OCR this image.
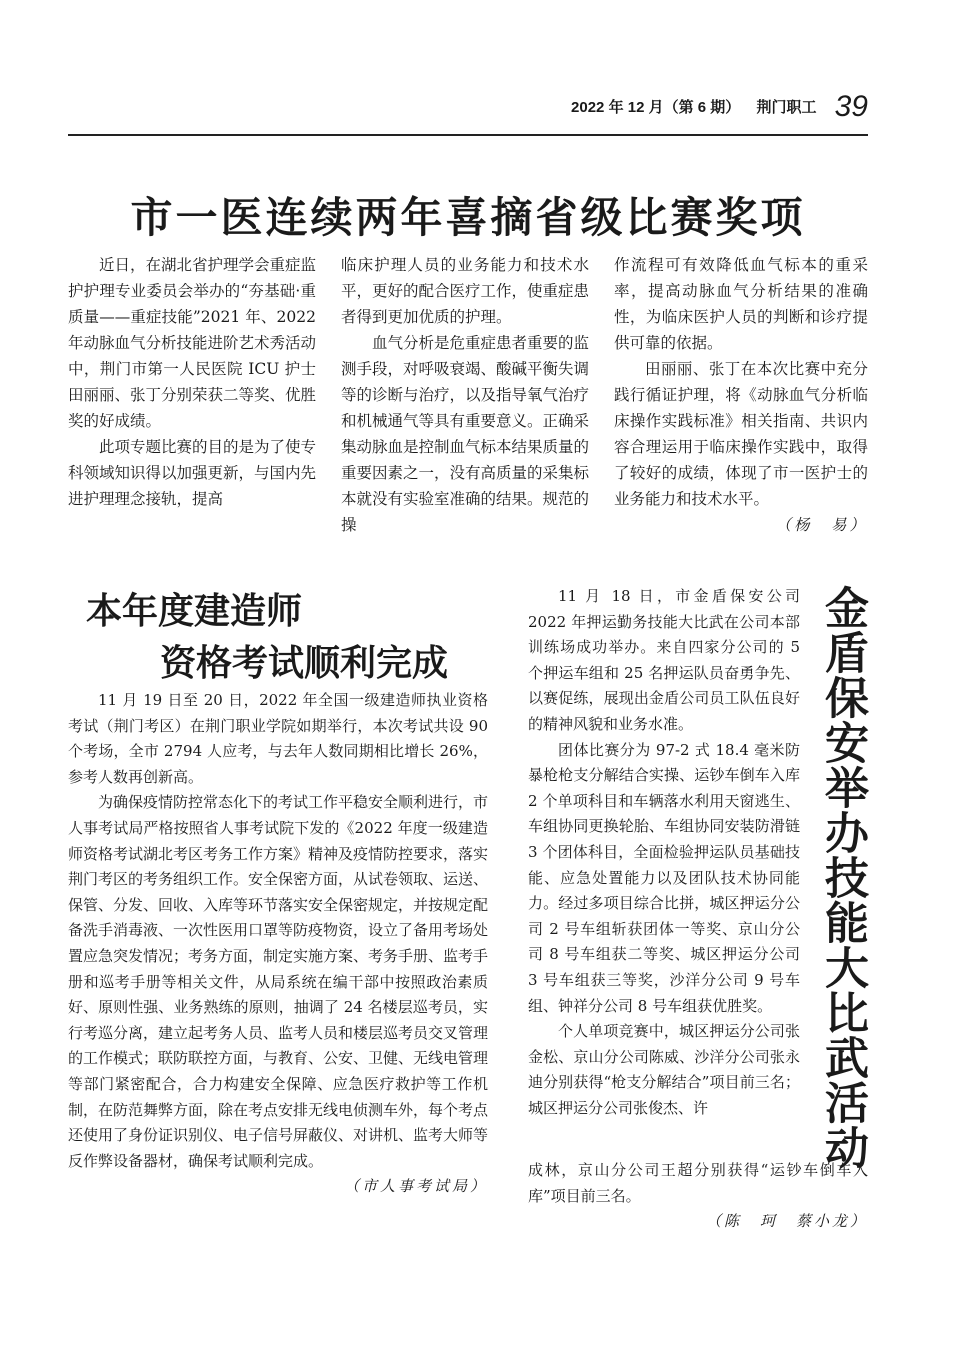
2022 年 12 月（第 6 期） 荆门职工 39
市一医连续两年喜摘省级比赛奖项

近日，在湖北省护理学会重症监护护理专业委员会举办的“夯基础·重质量——重症技能”2021 年、2022 年动脉血气分析技能进阶艺术秀活动中，荆门市第一人民医院 ICU 护士田丽丽、张丁分别荣获二等奖、优胜奖的好成绩。

此项专题比赛的目的是为了使专科领域知识得以加强更新，与国内先进护理理念接轨，提高

临床护理人员的业务能力和技术水平，更好的配合医疗工作，使重症患者得到更加优质的护理。

血气分析是危重症患者重要的监测手段，对呼吸衰竭、酸碱平衡失调等的诊断与治疗，以及指导氧气治疗和机械通气等具有重要意义。正确采集动脉血是控制血气标本结果质量的重要因素之一，没有高质量的采集标本就没有实验室准确的结果。规范的操

作流程可有效降低血气标本的重采率，提高动脉血气分析结果的准确性，为临床医护人员的判断和诊疗提供可靠的依据。

田丽丽、张丁在本次比赛中充分践行循证护理，将《动脉血气分析临床操作实践标准》相关指南、共识内容合理运用于临床操作实践中，取得了较好的成绩，体现了市一医护士的业务能力和技术水平。

（杨　易）
本年度建造师
资格考试顺利完成

11 月 19 日至 20 日，2022 年全国一级建造师执业资格考试（荆门考区）在荆门职业学院如期举行，本次考试共设 90 个考场，全市 2794 人应考，与去年人数同期相比增长 26%，参考人数再创新高。

为确保疫情防控常态化下的考试工作平稳安全顺利进行，市人事考试局严格按照省人事考试院下发的《2022 年度一级建造师资格考试湖北考区考务工作方案》精神及疫情防控要求，落实荆门考区的考务组织工作。安全保密方面，从试卷领取、运送、保管、分发、回收、入库等环节落实安全保密规定，并按规定配备洗手消毒液、一次性医用口罩等防疫物资，设立了备用考场处置应急突发情况；考务方面，制定实施方案、考务手册、监考手册和巡考手册等相关文件，从局系统在编干部中按照政治素质好、原则性强、业务熟练的原则，抽调了 24 名楼层巡考员，实行考巡分离，建立起考务人员、监考人员和楼层巡考员交叉管理的工作模式；联防联控方面，与教育、公安、卫健、无线电管理等部门紧密配合，合力构建安全保障、应急医疗救护等工作机制，在防范舞弊方面，除在考点安排无线电侦测车外，每个考点还使用了身份证识别仪、电子信号屏蔽仪、对讲机、监考大师等反作弊设备器材，确保考试顺利完成。

（市人事考试局）

11 月 18 日，市金盾保安公司 2022 年押运勤务技能大比武在公司本部训练场成功举办。来自四家分公司的 5 个押运车组和 25 名押运队员奋勇争先、以赛促练，展现出金盾公司员工队伍良好的精神风貌和业务水准。

团体比赛分为 97-2 式 18.4 毫米防暴枪枪支分解结合实操、运钞车倒车入库 2 个单项科目和车辆落水利用天窗逃生、车组协同更换轮胎、车组协同安装防滑链 3 个团体科目，全面检验押运队员基础技能、应急处置能力以及团队技术协同能力。经过多项目综合比拼，城区押运分公司 2 号车组斩获团体一等奖、京山分公司 8 号车组获二等奖、城区押运分公司 3 号车组获三等奖，沙洋分公司 9 号车组、钟祥分公司 8 号车组获优胜奖。

个人单项竞赛中，城区押运分公司张金松、京山分公司陈威、沙洋分公司张永迪分别获得“枪支分解结合”项目前三名；城区押运分公司张俊杰、许

成林，京山分公司王超分别获得“运钞车倒车入库”项目前三名。

（陈　珂　蔡小龙）
金盾保安举办技能大比武活动
